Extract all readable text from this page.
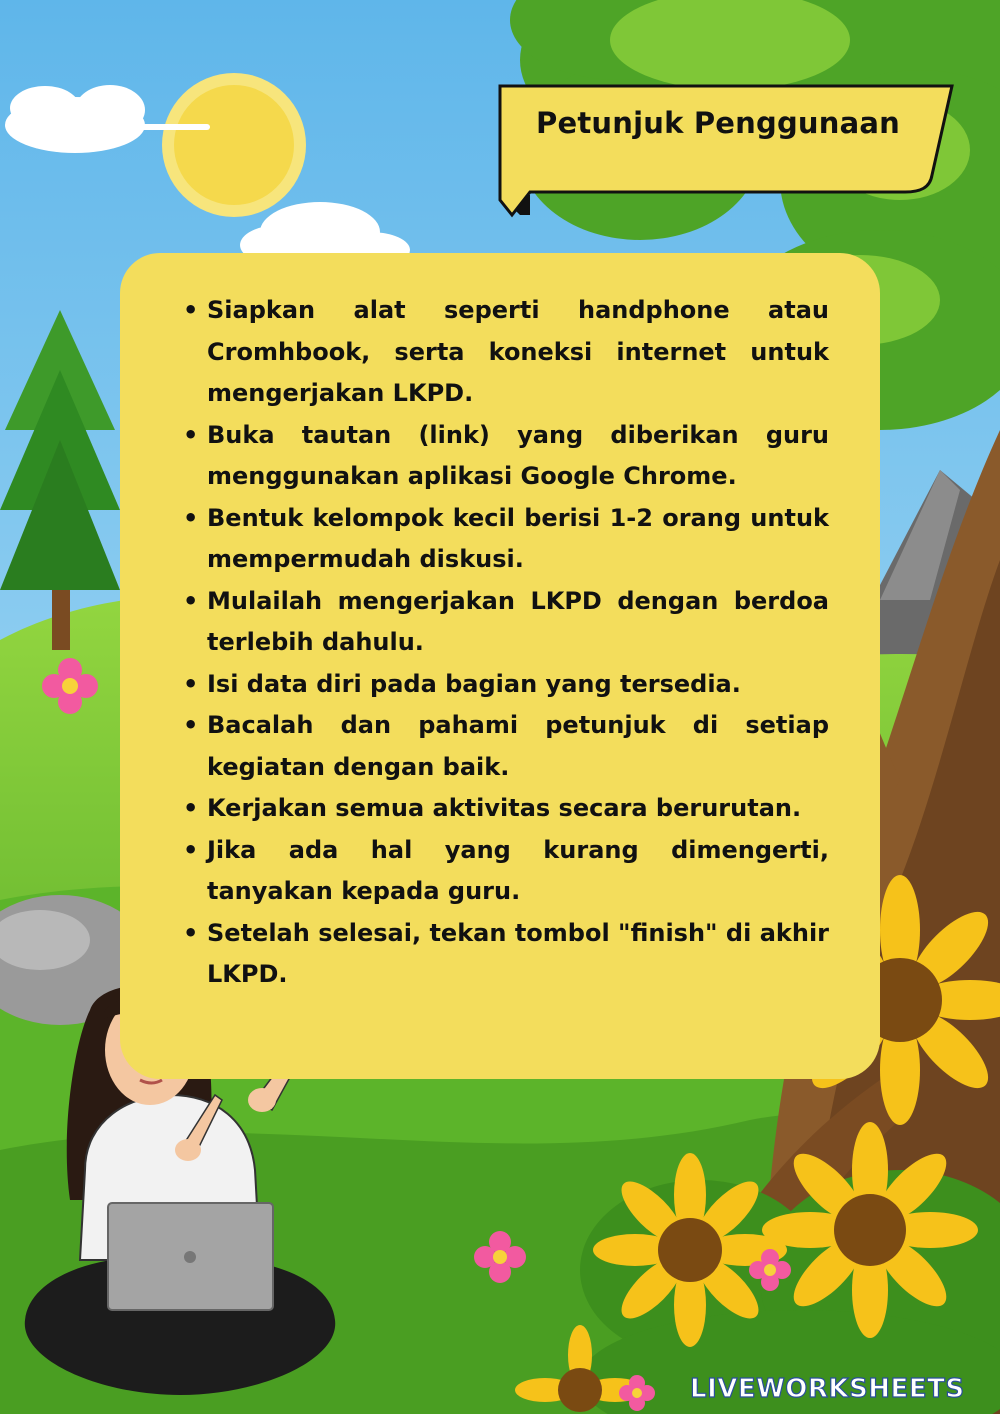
Petunjuk Penggunaan
• Siapkan alat seperti handphone atau Cromhbook, serta koneksi internet untuk mengerjakan LKPD.
• Buka tautan (link) yang diberikan guru menggunakan aplikasi Google Chrome.
• Bentuk kelompok kecil berisi 1-2 orang untuk mempermudah diskusi.
• Mulailah mengerjakan LKPD dengan berdoa terlebih dahulu.
• Isi data diri pada bagian yang tersedia.
• Bacalah dan pahami petunjuk di setiap kegiatan dengan baik.
• Kerjakan semua aktivitas secara berurutan.
• Jika ada hal yang kurang dimengerti, tanyakan kepada guru.
• Setelah selesai, tekan tombol "finish" di akhir LKPD.
LIVEWORKSHEETS
